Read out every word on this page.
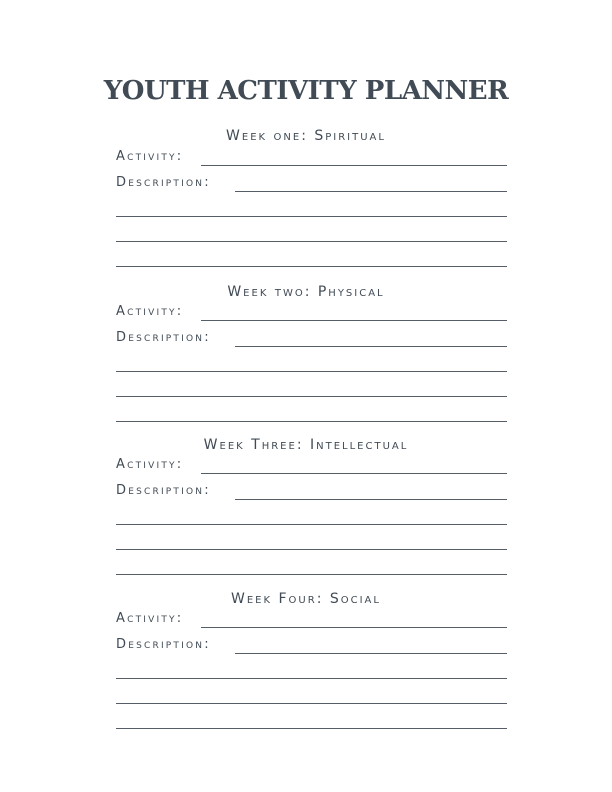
YOUTH ACTIVITY PLANNER
Week one: Spiritual
Activity:
Description:
Week two: Physical
Activity:
Description:
Week Three: Intellectual
Activity:
Description:
Week Four: Social
Activity:
Description:
